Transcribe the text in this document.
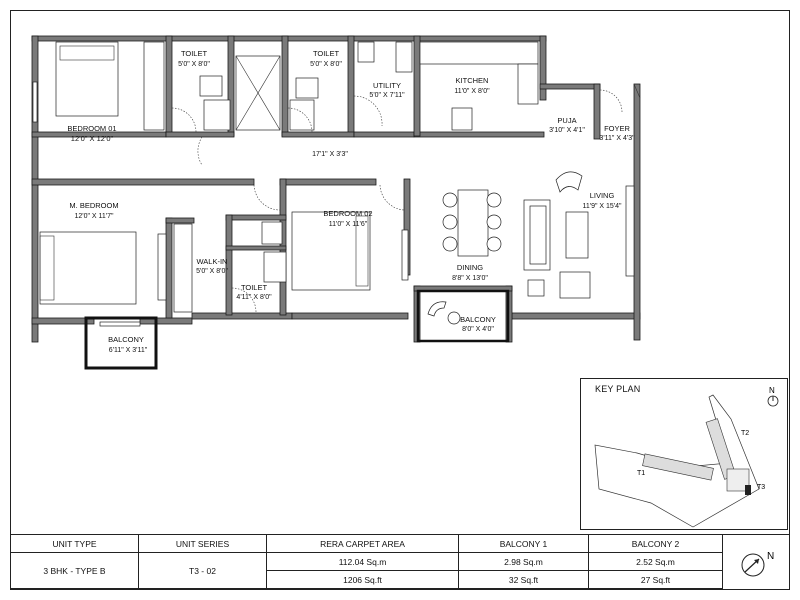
BEDROOM 01
12'0" X 12'0"
TOILET
5'0" X 8'0"
TOILET
5'0" X 8'0"
UTILITY
5'0" X 7'11"
KITCHEN
11'0" X 8'0"
PUJA
3'10" X 4'1"	FOYER
3'11" X 4'3"
17'1" X 3'3"
M. BEDROOM
12'0" X 11'7"	BEDROOM 02
11'0" X 11'6"
LIVING
11'9" X 15'4"
WALK-IN
5'0" X 8'0"
TOILET
4'11" X 8'0"
DINING
8'8" X 13'0"
BALCONY
6'11" X 3'11"
BALCONY
8'0" X 4'0"
KEY PLAN	N
T1
T2
T3
UNIT TYPE	UNIT SERIES	RERA CARPET AREA	BALCONY 1	BALCONY 2
3 BHK - TYPE B	T3 - 02	112.04 Sq.m	2.98 Sq.m	2.52 Sq.m
		1206 Sq.ft	32 Sq.ft	27 Sq.ft
N
